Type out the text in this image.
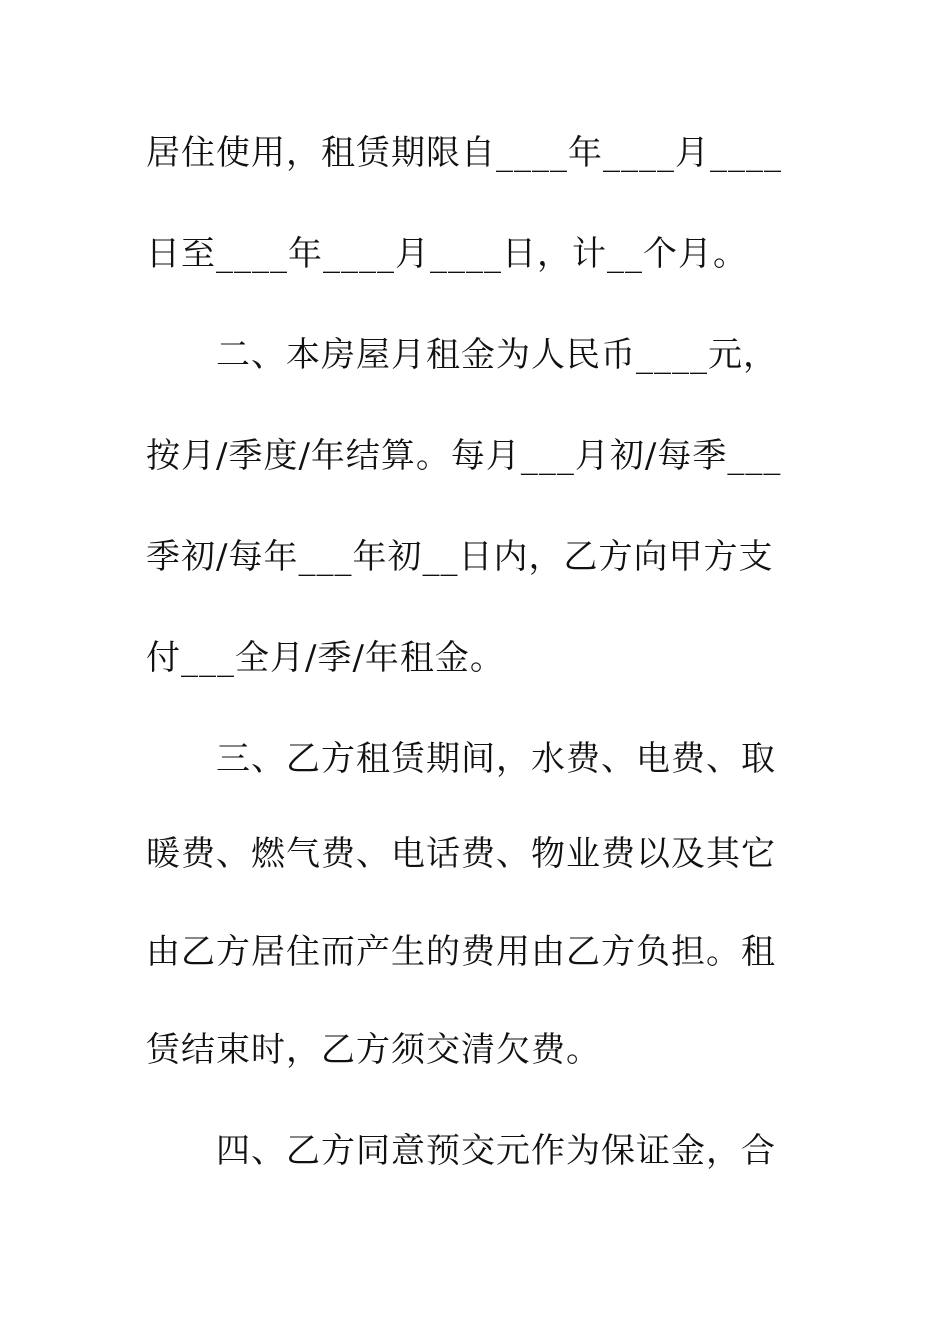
居住使用，租赁期限自____年____月____
日至____年____月____日，计__个月。
二、本房屋月租金为人民币____元，
按月/季度/年结算。每月___月初/每季___
季初/每年___年初__日内，乙方向甲方支
付___全月/季/年租金。
三、乙方租赁期间，水费、电费、取
暖费、燃气费、电话费、物业费以及其它
由乙方居住而产生的费用由乙方负担。租
赁结束时，乙方须交清欠费。
四、乙方同意预交元作为保证金，合
